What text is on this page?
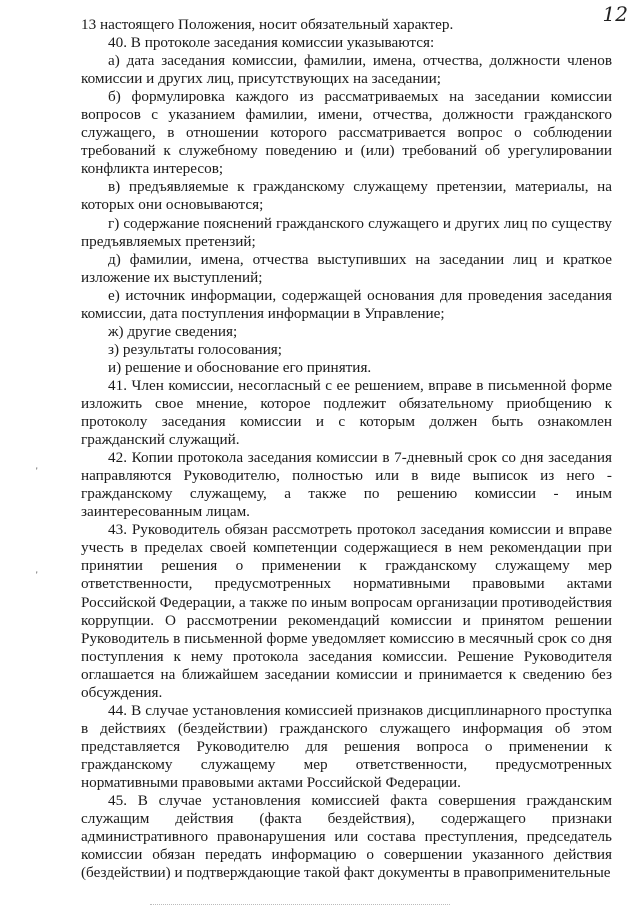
12
'
'

13 настоящего Положения, носит обязательный характер.

40. В протоколе заседания комиссии указываются:

а) дата заседания комиссии, фамилии, имена, отчества, должности членов комиссии и других лиц, присутствующих на заседании;

б) формулировка каждого из рассматриваемых на заседании комиссии вопросов с указанием фамилии, имени, отчества, должности гражданского служащего, в отношении которого рассматривается вопрос о соблюдении требований к служебному поведению и (или) требований об урегулировании конфликта интересов;

в) предъявляемые к гражданскому служащему претензии, материалы, на которых они основываются;

г) содержание пояснений гражданского служащего и других лиц по существу предъявляемых претензий;

д) фамилии, имена, отчества выступивших на заседании лиц и краткое изложение их выступлений;

е) источник информации, содержащей основания для проведения заседания комиссии, дата поступления информации в Управление;

ж) другие сведения;

з) результаты голосования;

и) решение и обоснование его принятия.

41. Член комиссии, несогласный с ее решением, вправе в письменной форме изложить свое мнение, которое подлежит обязательному приобщению к протоколу заседания комиссии и с которым должен быть ознакомлен гражданский служащий.

42. Копии протокола заседания комиссии в 7-дневный срок со дня заседания направляются Руководителю, полностью или в виде выписок из него - гражданскому служащему, а также по решению комиссии - иным заинтересованным лицам.

43. Руководитель обязан рассмотреть протокол заседания комиссии и вправе учесть в пределах своей компетенции содержащиеся в нем рекомендации при принятии решения о применении к гражданскому служащему мер ответственности, предусмотренных нормативными правовыми актами Российской Федерации, а также по иным вопросам организации противодействия коррупции. О рассмотрении рекомендаций комиссии и принятом решении Руководитель в письменной форме уведомляет комиссию в месячный срок со дня поступления к нему протокола заседания комиссии. Решение Руководителя оглашается на ближайшем заседании комиссии и принимается к сведению без обсуждения.

44. В случае установления комиссией признаков дисциплинарного проступка в действиях (бездействии) гражданского служащего информация об этом представляется Руководителю для решения вопроса о применении к гражданскому служащему мер ответственности, предусмотренных нормативными правовыми актами Российской Федерации.

45. В случае установления комиссией факта совершения гражданским служащим действия (факта бездействия), содержащего признаки административного правонарушения или состава преступления, председатель комиссии обязан передать информацию о совершении указанного действия (бездействии) и подтверждающие такой факт документы в правоприменительные
